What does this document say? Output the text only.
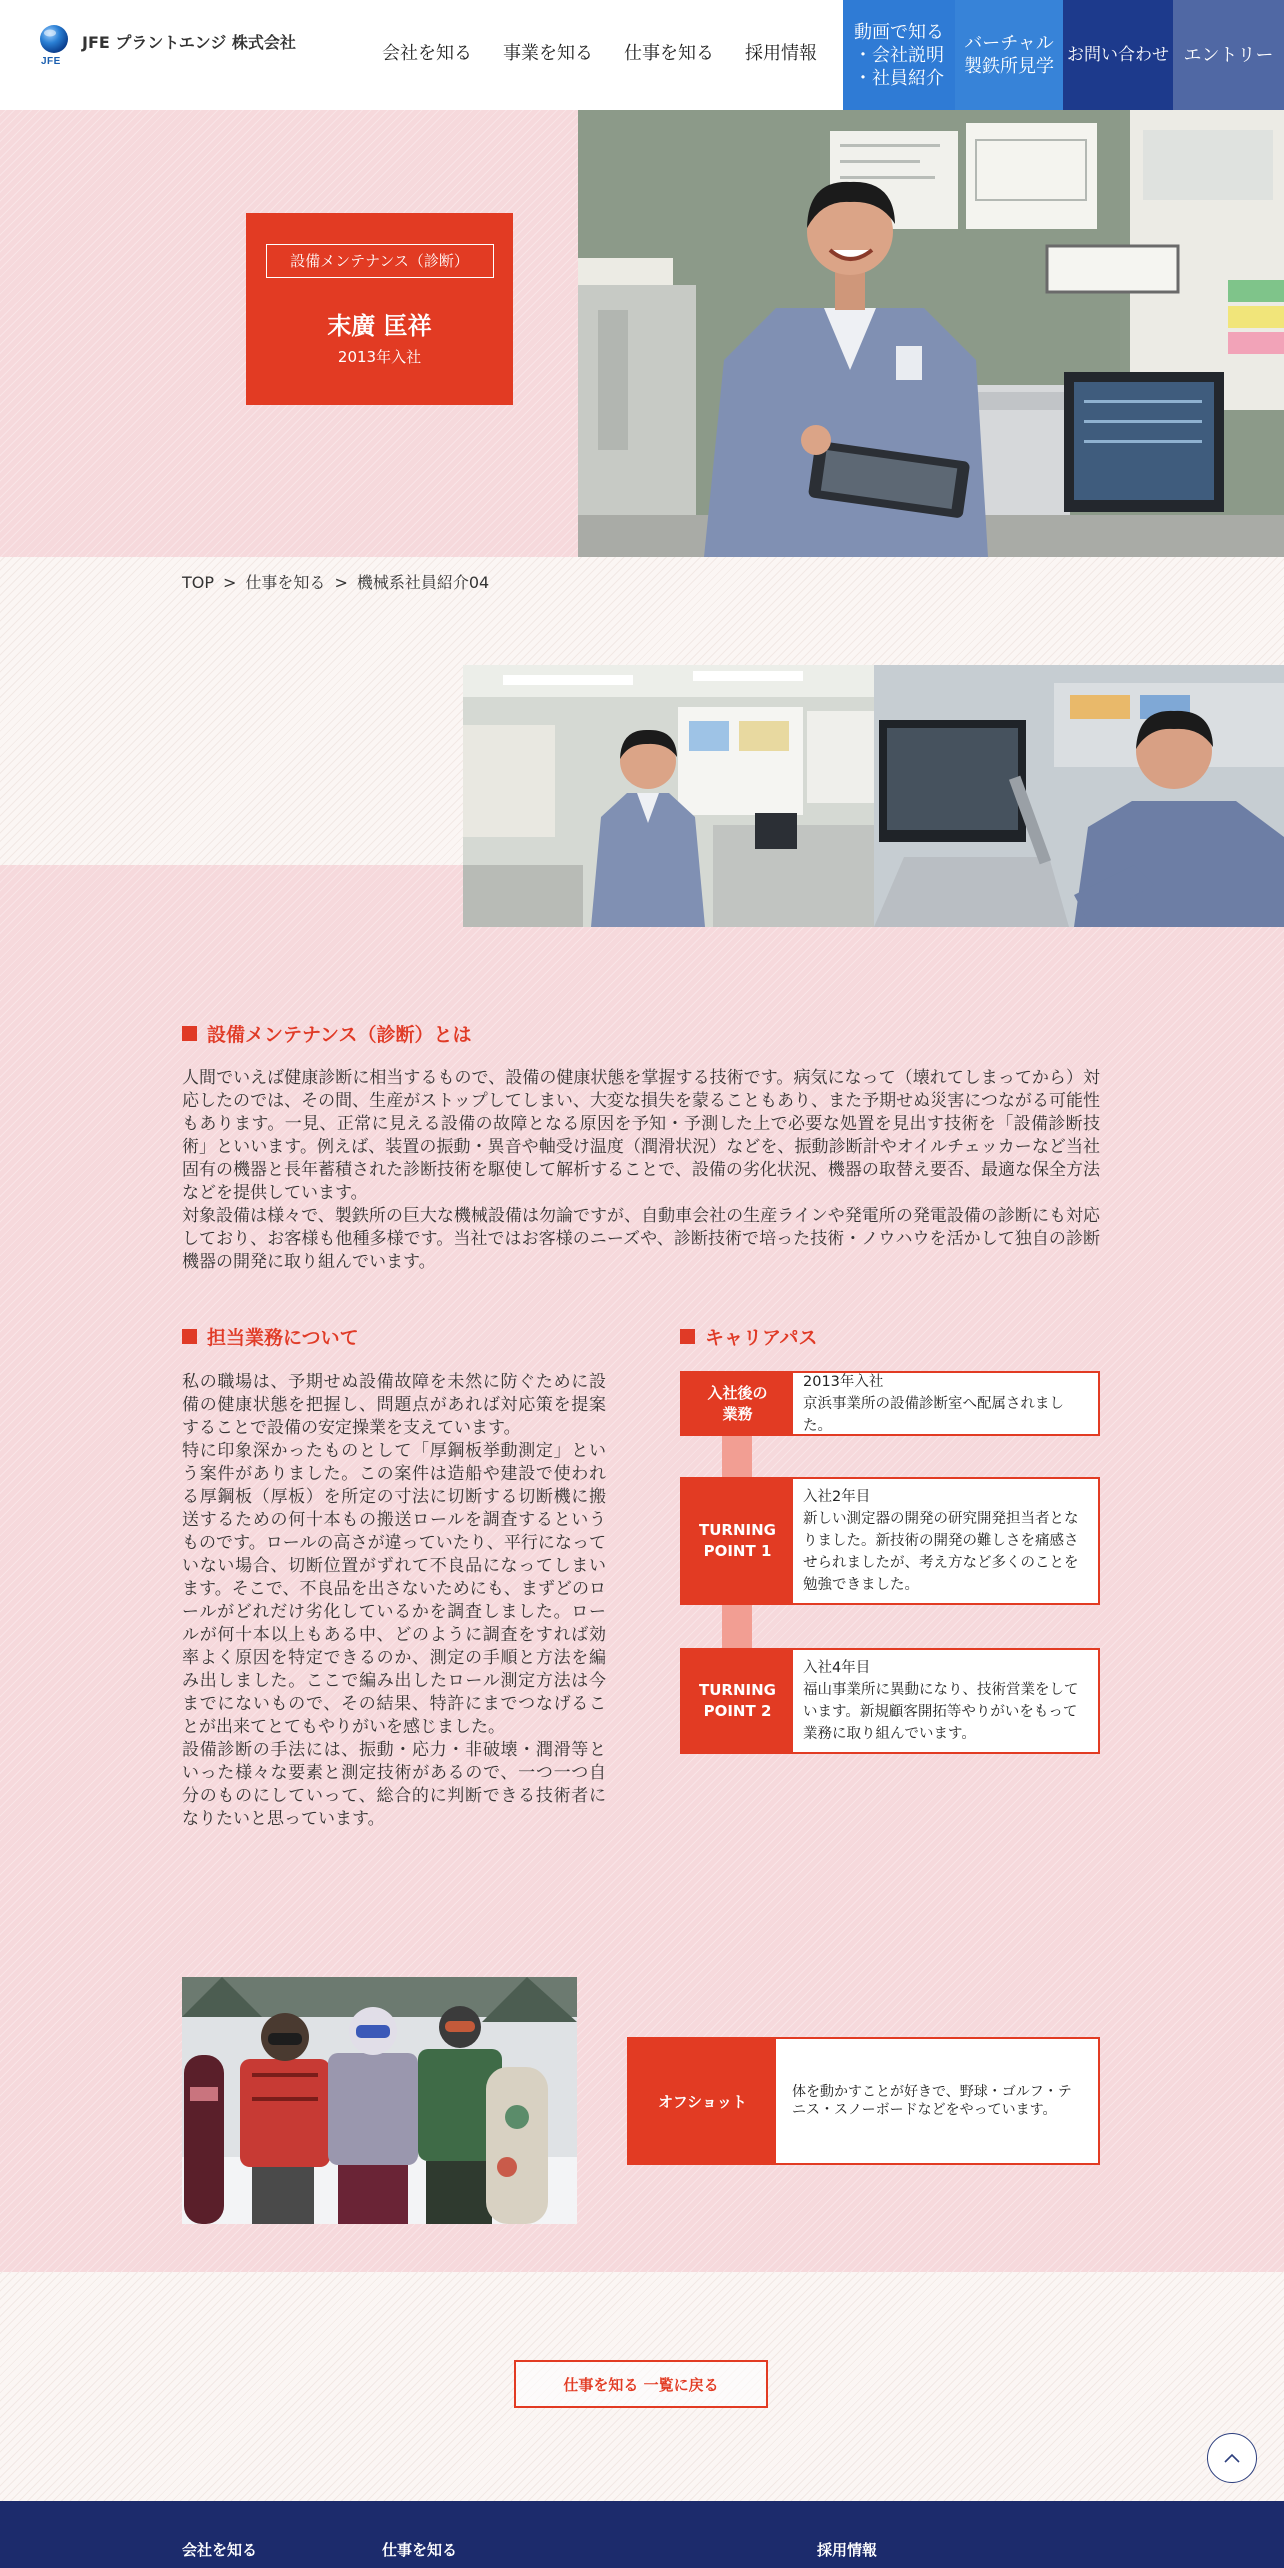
JFE
JFE プラントエンジ 株式会社
会社を知る 事業を知る 仕事を知る 採用情報
動画で知る
・会社説明
・社員紹介
バーチャル
製鉄所見学
お問い合わせ エントリー
設備メンテナンス（診断）
末廣 匡祥
2013年入社
TOP > 仕事を知る > 機械系社員紹介04
設備メンテナンス（診断）とは

人間でいえば健康診断に相当するもので、設備の健康状態を掌握する技術です。病気になって（壊れてしまってから）対応したのでは、その間、生産がストップしてしまい、大変な損失を蒙ることもあり、また予期せぬ災害につながる可能性もあります。一見、正常に見える設備の故障となる原因を予知・予測した上で必要な処置を見出す技術を「設備診断技術」といいます。例えば、装置の振動・異音や軸受け温度（潤滑状況）などを、振動診断計やオイルチェッカーなど当社固有の機器と長年蓄積された診断技術を駆使して解析することで、設備の劣化状況、機器の取替え要否、最適な保全方法などを提供しています。

対象設備は様々で、製鉄所の巨大な機械設備は勿論ですが、自動車会社の生産ラインや発電所の発電設備の診断にも対応しており、お客様も他種多様です。当社ではお客様のニーズや、診断技術で培った技術・ノウハウを活かして独自の診断機器の開発に取り組んでいます。

担当業務について

私の職場は、予期せぬ設備故障を未然に防ぐために設備の健康状態を把握し、問題点があれば対応策を提案することで設備の安定操業を支えています。

特に印象深かったものとして「厚鋼板挙動測定」という案件がありました。この案件は造船や建設で使われる厚鋼板（厚板）を所定の寸法に切断する切断機に搬送するための何十本もの搬送ロールを調査するというものです。ロールの高さが違っていたり、平行になっていない場合、切断位置がずれて不良品になってしまいます。そこで、不良品を出さないためにも、まずどのロールがどれだけ劣化しているかを調査しました。ロールが何十本以上もある中、どのように調査をすれば効率よく原因を特定できるのか、測定の手順と方法を編み出しました。ここで編み出したロール測定方法は今までにないもので、その結果、特許にまでつなげることが出来てとてもやりがいを感じました。

設備診断の手法には、振動・応力・非破壊・潤滑等といった様々な要素と測定技術があるので、一つ一つ自分のものにしていって、総合的に判断できる技術者になりたいと思っています。

キャリアパス
入社後の
業務
2013年入社
京浜事業所の設備診断室へ配属されました。
TURNING
POINT 1
入社2年目
新しい測定器の開発の研究開発担当者となりました。新技術の開発の難しさを痛感させられましたが、考え方など多くのことを勉強できました。
TURNING
POINT 2
入社4年目
福山事業所に異動になり、技術営業をしています。新規顧客開拓等やりがいをもって業務に取り組んでいます。
オフショット
体を動かすことが好きで、野球・ゴルフ・テニス・スノーボードなどをやっています。
仕事を知る 一覧に戻る
会社を知る	仕事を知る	採用情報
